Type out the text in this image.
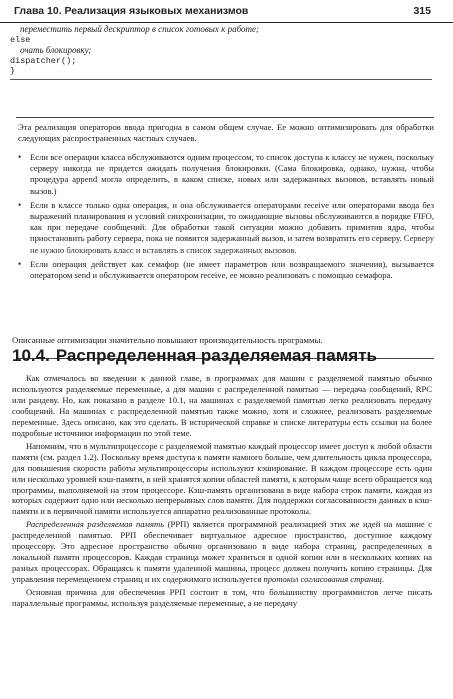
Глава 10. Реализация языковых механизмов	315
переместить первый дескриптор в список готовых к работе;
else
очать блокировку;
dispatcher();
}
Эта реализация операторов ввода пригодна в самом общем случае. Ее можно оптимизировать для обработки следующих распространенных частных случаев.
• Если все операции класса обслуживаются одним процессом, то список доступа к классу не нужен, поскольку серверу никогда не придется ожидать получения блокировки. (Сама блокировка, однако, нужна, чтобы процедура append могла определить, в каком списке, новых или задержанных вызовов, вставлять новый вызов.)
• Если в классе только одна операция, и она обслуживается операторами receive или операторами ввода без выражений планирования и условий синхронизации, то ожидающие вызовы обслуживаются в порядке FIFO, как при передаче сообщений. Для обработки такой ситуации можно добавить примитив ядра, чтобы приостановить работу сервера, пока не появится задержанный вызов, и затем возвратить его серверу. Серверу не нужно блокировать класс и вставлять в список задержанных вызовов.
• Если операция действует как семафор (не имеет параметров или возвращаемого значения), вызывается оператором send и обслуживается оператором receive, ее можно реализовать с помощью семафора.
Описанные оптимизации значительно повышают производительность программы.
10.4. Распределенная разделяемая память

Как отмечалось во введении к данной главе, в программах для машин с разделяемой памятью обычно используются разделяемые переменные, а для машин с распределенной памятью — передача сообщений, RPC или рандеву. Но, как показано в разделе 10.1, на машинах с разделяемой памятью легко реализовать передачу сообщений. На машинах с распределенной памятью также можно, хотя и сложнее, реализовать разделяемые переменные. Здесь описано, как это сделать. В исторической справке и списке литературы есть ссылки на более подробные источники информации по этой теме.

Напомним, что в мультипроцессоре с разделяемой памятью каждый процессор имеет доступ к любой области памяти (см. раздел 1.2). Поскольку время доступа к памяти намного больше, чем длительность цикла процессора, для повышения скорости работы мультипроцессоры используют кэширование. В каждом процессоре есть один или несколько уровней кэш-памяти, в ней хранятся копии областей памяти, к которым чаще всего обращается код программы, выполняемой на этом процессоре. Кэш-память организована в виде набора строк памяти, каждая из которых содержит одно или несколько непрерывных слов памяти. Для поддержки согласованности данных в кэш-памяти и в первичной памяти используется аппаратно реализованные протоколы.

Распределенная разделяемая память (РРП) является программной реализацией этих же идей на машине с распределенной памятью. РРП обеспечивает виртуальное адресное пространство, доступное каждому процессору. Это адресное пространство обычно организовано в виде набора страниц, распределенных в локальной памяти процессоров. Каждая страница может храниться в одной копии или в нескольких копиях на разных процессорах. Обращаясь к памяти удаленной машины, процесс должен получить копию страницы. Для управления перемещением страниц и их содержимого используется протокол согласования страниц.

Основная причина для обеспечения РРП состоит в том, что большинству программистов легче писать параллельные программы, используя разделяемые переменные, а не передачу
